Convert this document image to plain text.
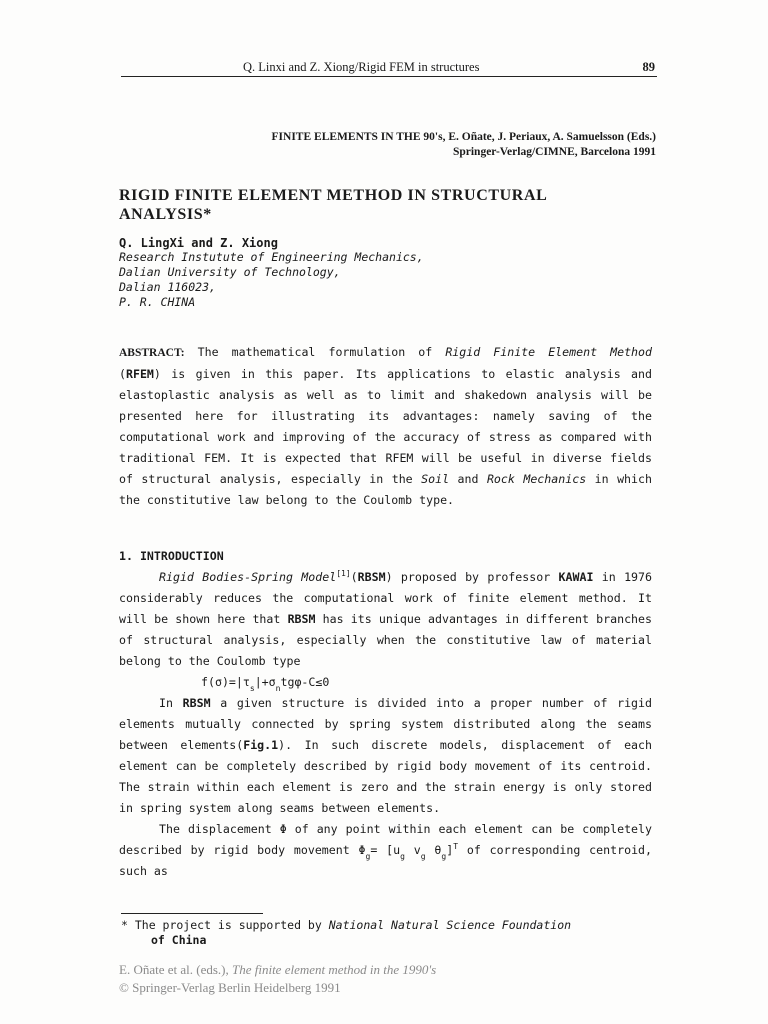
Q. Linxi and Z. Xiong/Rigid FEM in structures	89
FINITE ELEMENTS IN THE 90's, E. Oñate, J. Periaux, A. Samuelsson (Eds.)
Springer-Verlag/CIMNE, Barcelona 1991
RIGID FINITE ELEMENT METHOD IN STRUCTURAL
ANALYSIS*
Q. LingXi and Z. Xiong
Research Instutute of Engineering Mechanics,
Dalian University of Technology,
Dalian 116023,
P. R. CHINA

ABSTRACT: The mathematical formulation of Rigid Finite Element Method (RFEM) is given in this paper. Its applications to elastic analysis and elastoplastic analysis as well as to limit and shakedown analysis will be presented here for illustrating its advantages: namely saving of the computational work and improving of the accuracy of stress as compared with traditional FEM. It is expected that RFEM will be useful in diverse fields of structural analysis, especially in the Soil and Rock Mechanics in which the constitutive law belong to the Coulomb type.

1. INTRODUCTION

Rigid Bodies-Spring Model[1](RBSM) proposed by professor KAWAI in 1976 considerably reduces the computational work of finite element method. It will be shown here that RBSM has its unique advantages in different branches of structural analysis, especially when the constitutive law of material belong to the Coulomb type

$f(\sigma)=|\tau_s|+\sigma_ntg\varphi-C\le 0$

In RBSM a given structure is divided into a proper number of rigid elements mutually connected by spring system distributed along the seams between elements(Fig.1). In such discrete models, displacement of each element can be completely described by rigid body movement of its centroid. The strain within each element is zero and the strain energy is only stored in spring system along seams between elements.

The displacement Φ of any point within each element can be completely described by rigid body movement $\Phi_g= [u_g$ $v_g$ $\theta_g]^T$ of corresponding centroid, such as

* The project is supported by National Natural Science Foundation
of China
E. Oñate et al. (eds.), The finite element method in the 1990's
© Springer-Verlag Berlin Heidelberg 1991
